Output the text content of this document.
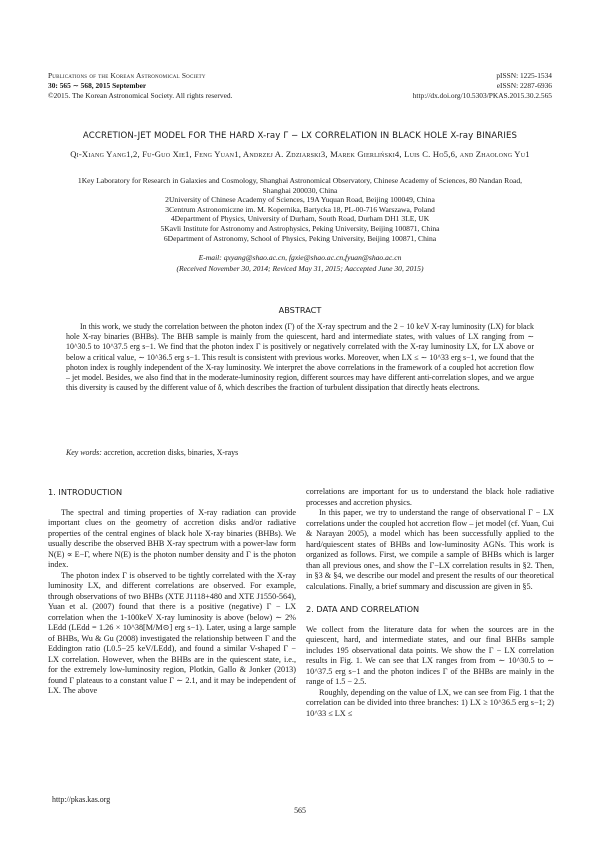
Publications of the Korean Astronomical Society	pISSN: 1225-1534
30: 565 ∼ 568, 2015 September	eISSN: 2287-6936
©2015. The Korean Astronomical Society. All rights reserved.	http://dx.doi.org/10.5303/PKAS.2015.30.2.565
ACCRETION-JET MODEL FOR THE HARD X-ray Γ − LX CORRELATION IN BLACK HOLE X-ray BINARIES
Qi-Xiang Yang1,2, Fu-Guo Xie1, Feng Yuan1, Andrzej A. Zdziarski3, Marek Gierliński4, Luis C. Ho5,6, and Zhaolong Yu1
1Key Laboratory for Research in Galaxies and Cosmology, Shanghai Astronomical Observatory, Chinese Academy of Sciences, 80 Nandan Road, Shanghai 200030, China
2University of Chinese Academy of Sciences, 19A Yuquan Road, Beijing 100049, China
3Centrum Astronomiczne im. M. Kopernika, Bartycka 18, PL-00-716 Warszawa, Poland
4Department of Physics, University of Durham, South Road, Durham DH1 3LE, UK
5Kavli Institute for Astronomy and Astrophysics, Peking University, Beijing 100871, China
6Department of Astronomy, School of Physics, Peking University, Beijing 100871, China
E-mail: qxyang@shao.ac.cn, fgxie@shao.ac.cn,fyuan@shao.ac.cn
(Received November 30, 2014; Reviced May 31, 2015; Aaccepted June 30, 2015)
ABSTRACT
In this work, we study the correlation between the photon index (Γ) of the X-ray spectrum and the 2 − 10 keV X-ray luminosity (LX) for black hole X-ray binaries (BHBs). The BHB sample is mainly from the quiescent, hard and intermediate states, with values of LX ranging from ∼ 10^30.5 to 10^37.5 erg s−1. We find that the photon index Γ is positively or negatively correlated with the X-ray luminosity LX, for LX above or below a critical value, ∼ 10^36.5 erg s−1. This result is consistent with previous works. Moreover, when LX ≤ ∼ 10^33 erg s−1, we found that the photon index is roughly independent of the X-ray luminosity. We interpret the above correlations in the framework of a coupled hot accretion flow – jet model. Besides, we also find that in the moderate-luminosity region, different sources may have different anti-correlation slopes, and we argue this diversity is caused by the different value of δ, which describes the fraction of turbulent dissipation that directly heats electrons.
Key words: accretion, accretion disks, binaries, X-rays
1. INTRODUCTION

The spectral and timing properties of X-ray radiation can provide important clues on the geometry of accretion disks and/or radiative properties of the central engines of black hole X-ray binaries (BHBs). We usually describe the observed BHB X-ray spectrum with a power-law form N(E) ∝ E−Γ, where N(E) is the photon number density and Γ is the photon index.

The photon index Γ is observed to be tightly correlated with the X-ray luminosity LX, and different correlations are observed. For example, through observations of two BHBs (XTE J1118+480 and XTE J1550-564), Yuan et al. (2007) found that there is a positive (negative) Γ − LX correlation when the 1-100keV X-ray luminosity is above (below) ∼ 2% LEdd (LEdd = 1.26 × 10^38[M/M⊙] erg s−1). Later, using a large sample of BHBs, Wu & Gu (2008) investigated the relationship between Γ and the Eddington ratio (L0.5−25 keV/LEdd), and found a similar V-shaped Γ − LX correlation. However, when the BHBs are in the quiescent state, i.e., for the extremely low-luminosity region, Plotkin, Gallo & Jonker (2013) found Γ plateaus to a constant value Γ ∼ 2.1, and it may be independent of LX. The above

correlations are important for us to understand the black hole radiative processes and accretion physics.

In this paper, we try to understand the range of observational Γ − LX correlations under the coupled hot accretion flow – jet model (cf. Yuan, Cui & Narayan 2005), a model which has been successfully applied to the hard/quiescent states of BHBs and low-luminosity AGNs. This work is organized as follows. First, we compile a sample of BHBs which is larger than all previous ones, and show the Γ−LX correlation results in §2. Then, in §3 & §4, we describe our model and present the results of our theoretical calculations. Finally, a brief summary and discussion are given in §5.

2. DATA AND CORRELATION

We collect from the literature data for when the sources are in the quiescent, hard, and intermediate states, and our final BHBs sample includes 195 observational data points. We show the Γ − LX correlation results in Fig. 1. We can see that LX ranges from from ∼ 10^30.5 to ∼ 10^37.5 erg s−1 and the photon indices Γ of the BHBs are mainly in the range of 1.5 − 2.5.

Roughly, depending on the value of LX, we can see from Fig. 1 that the correlation can be divided into three branches: 1) LX ≥ 10^36.5 erg s−1; 2) 10^33 ≤ LX ≤

http://pkas.kas.org
565
